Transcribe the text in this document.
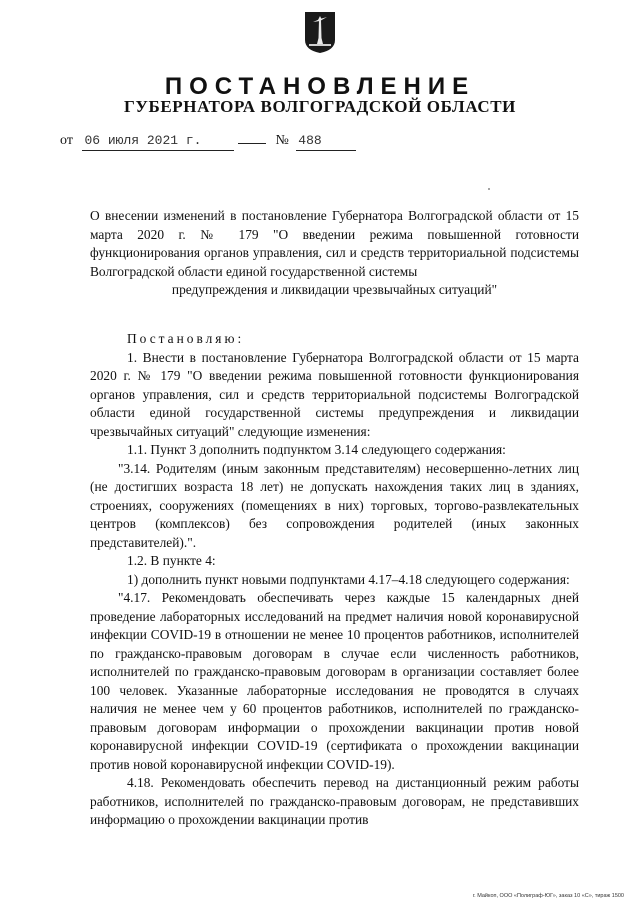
ПОСТАНОВЛЕНИЕ
ГУБЕРНАТОРА ВОЛГОГРАДСКОЙ ОБЛАСТИ
от 06 июля 2021 г.	№ 488
О внесении изменений в постановление Губернатора Волгоградской области от 15 марта 2020 г. № 179 "О введении режима повышенной готовности функционирования органов управления, сил и средств территориальной подсистемы Волгоградской области единой государственной системы
предупреждения и ликвидации чрезвычайных ситуаций"

Постановляю:

1. Внести в постановление Губернатора Волгоградской области от 15 марта 2020 г. № 179 "О введении режима повышенной готовности функционирования органов управления, сил и средств территориальной подсистемы Волгоградской области единой государственной системы предупреждения и ликвидации чрезвычайных ситуаций" следующие изменения:

1.1. Пункт 3 дополнить подпунктом 3.14 следующего содержания:

"3.14. Родителям (иным законным представителям) несовершенно-летних лиц (не достигших возраста 18 лет) не допускать нахождения таких лиц в зданиях, строениях, сооружениях (помещениях в них) торговых, торгово-развлекательных центров (комплексов) без сопровождения родителей (иных законных представителей).".

1.2. В пункте 4:

1) дополнить пункт новыми подпунктами 4.17–4.18 следующего содержания:

"4.17. Рекомендовать обеспечивать через каждые 15 календарных дней проведение лабораторных исследований на предмет наличия новой коронавирусной инфекции COVID-19 в отношении не менее 10 процентов работников, исполнителей по гражданско-правовым договорам в случае если численность работников, исполнителей по гражданско-правовым договорам в организации составляет более 100 человек. Указанные лабораторные исследования не проводятся в случаях наличия не менее чем у 60 процентов работников, исполнителей по гражданско-правовым договорам информации о прохождении вакцинации против новой коронавирусной инфекции COVID-19 (сертификата о прохождении вакцинации против новой коронавирусной инфекции COVID-19).

4.18. Рекомендовать обеспечить перевод на дистанционный режим работы работников, исполнителей по гражданско-правовым договорам, не представивших информацию о прохождении вакцинации против

г. Майкоп, ООО «Полиграф-ЮГ», заказ 10 «С», тираж 1500
